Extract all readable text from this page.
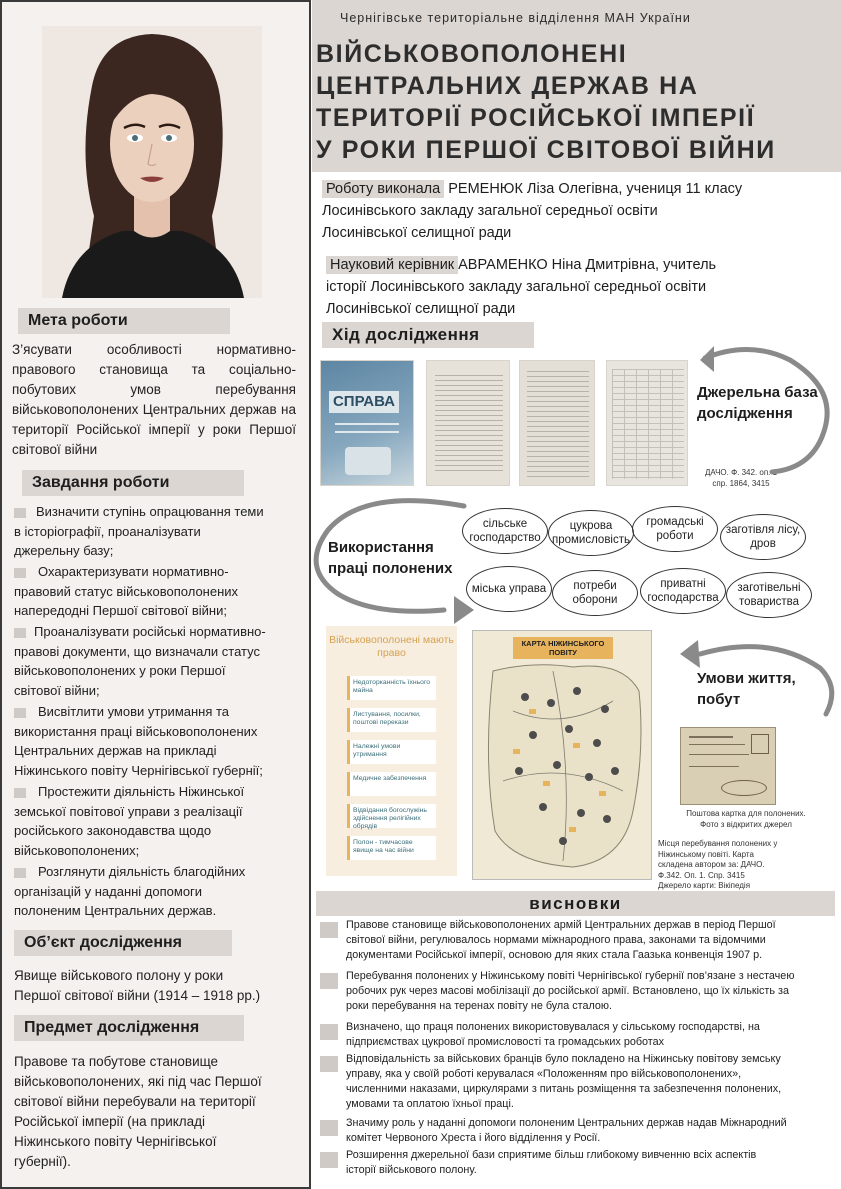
Мета роботи
З’ясувати особливості нормативно-правового становища та соціально-побутових умов перебування військовополонених Центральних держав на території Російської імперії у роки Першої світової війни
Завдання роботи
Визначити ступінь опрацювання теми
в історіографії, проаналізувати
джерельну базу;
Охарактеризувати нормативно-
правовий статус військовополонених
напередодні Першої світової війни;
Проаналізувати російські нормативно-
правові документи, що визначали статус
військовополонених у роки Першої
світової війни;
Висвітлити умови утримання та
використання праці військовополонених
Центральних держав на прикладі
Ніжинського повіту Чернігівської губернії;
Простежити діяльність Ніжинської
земської повітової управи з реалізації
російського законодавства щодо
військовополонених;
Розглянути діяльність благодійних
організацій у наданні допомоги
полоненим Центральних держав.
Об’єкт дослідження
Явище військового полону у роки
Першої світової війни (1914 – 1918 рр.)
Предмет дослідження
Правове та побутове становище
військовополонених, які під час Першої
світової війни перебували на території
Російської імперії (на прикладі
Ніжинського повіту Чернігівської
губернії).
Чернігівське територіальне відділення МАН України
ВІЙСЬКОВОПОЛОНЕНІ
ЦЕНТРАЛЬНИХ ДЕРЖАВ НА
ТЕРИТОРІЇ РОСІЙСЬКОЇ ІМПЕРІЇ
У РОКИ ПЕРШОЇ СВІТОВОЇ ВІЙНИ
Роботу виконала РЕМЕНЮК Ліза Олегівна, учениця 11 класу
Лосинівського закладу загальної середньої освіти
Лосинівської селищної ради
Науковий керівник АВРАМЕНКО Ніна Дмитрівна, учитель
історії Лосинівського закладу загальної середньої освіти
Лосинівської селищної ради
Хід дослідження
СПРАВА
Джерельна база
дослідження
ДАЧО. Ф. 342. оп. 1
спр. 1864, 3415
Використання
праці полонених
сільське господарство
цукрова промисловість
громадські роботи	заготівля лісу, дров
міська управа	потреби оборони
приватні господарства
заготівельні товариства
Військовополонені мають право
Недоторканність їхнього майна
Листування, посилки, поштові перекази
Належні умови утримання
Медичне забезпечення
Відвідання богослужінь здійснення релігійних обрядів
Полон - тимчасове явище на час війни
КАРТА НІЖИНСЬКОГО ПОВІТУ
Умови життя,
побут
Поштова картка для полонених.
Фото з відкритих джерел
Місця перебування полонених у
Ніжинському повіті. Карта
складена автором за: ДАЧО.
Ф.342. Оп. 1. Спр. 3415
Джерело карти: Вікіпедія
висновки
Правове становище військовополонених армій Центральних держав в період Першої
світової війни, регулювалось нормами міжнародного права, законами та відомчими
документами Російської імперії, основою для яких стала Гаазька конвенція 1907 р.
Перебування полонених у Ніжинському повіті Чернігівської губернії пов’язане з нестачею
робочих рук через масові мобілізації до російської армії. Встановлено, що їх кількість за
роки перебування на теренах повіту не була сталою.
Визначено, що праця полонених використовувалася у сільському господарстві, на
підприємствах цукрової промисловості та громадських роботах
Відповідальність за військових бранців було покладено на Ніжинську повітову земську
управу, яка у своїй роботі керувалася «Положенням про військовополонених»,
численними наказами, циркулярами з питань розміщення та забезпечення полонених,
умовами та оплатою їхньої праці.
Значиму роль у наданні допомоги полоненим Центральних держав надав Міжнародний
комітет Червоного Хреста і його відділення у Росії.
Розширення джерельної бази сприятиме більш глибокому вивченню всіх аспектів
історії військового полону.
